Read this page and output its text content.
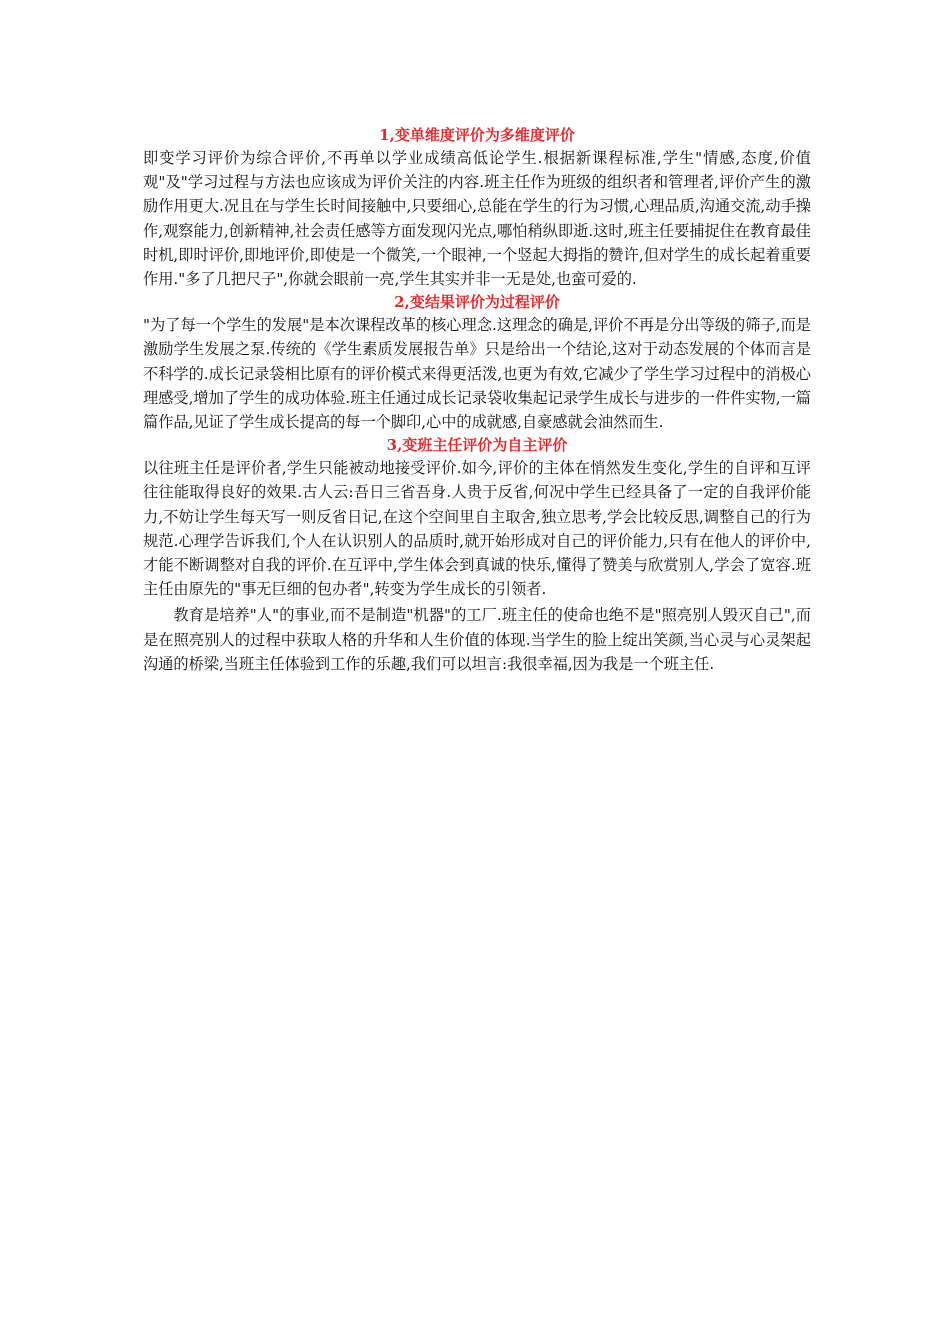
1,变单维度评价为多维度评价

即变学习评价为综合评价,不再单以学业成绩高低论学生.根据新课程标准,学生"情感,态度,价值观"及"学习过程与方法也应该成为评价关注的内容.班主任作为班级的组织者和管理者,评价产生的激励作用更大.况且在与学生长时间接触中,只要细心,总能在学生的行为习惯,心理品质,沟通交流,动手操作,观察能力,创新精神,社会责任感等方面发现闪光点,哪怕稍纵即逝.这时,班主任要捕捉住在教育最佳时机,即时评价,即地评价,即使是一个微笑,一个眼神,一个竖起大拇指的赞许,但对学生的成长起着重要作用."多了几把尺子",你就会眼前一亮,学生其实并非一无是处,也蛮可爱的.

2,变结果评价为过程评价

"为了每一个学生的发展"是本次课程改革的核心理念.这理念的确是,评价不再是分出等级的筛子,而是激励学生发展之泵.传统的《学生素质发展报告单》只是给出一个结论,这对于动态发展的个体而言是不科学的.成长记录袋相比原有的评价模式来得更活泼,也更为有效,它减少了学生学习过程中的消极心理感受,增加了学生的成功体验.班主任通过成长记录袋收集起记录学生成长与进步的一件件实物,一篇篇作品,见证了学生成长提高的每一个脚印,心中的成就感,自豪感就会油然而生.

3,变班主任评价为自主评价

以往班主任是评价者,学生只能被动地接受评价.如今,评价的主体在悄然发生变化,学生的自评和互评往往能取得良好的效果.古人云:吾日三省吾身.人贵于反省,何况中学生已经具备了一定的自我评价能力,不妨让学生每天写一则反省日记,在这个空间里自主取舍,独立思考,学会比较反思,调整自己的行为规范.心理学告诉我们,个人在认识别人的品质时,就开始形成对自己的评价能力,只有在他人的评价中,才能不断调整对自我的评价.在互评中,学生体会到真诚的快乐,懂得了赞美与欣赏别人,学会了宽容.班主任由原先的"事无巨细的包办者",转变为学生成长的引领者.

教育是培养"人"的事业,而不是制造"机器"的工厂.班主任的使命也绝不是"照亮别人毁灭自己",而是在照亮别人的过程中获取人格的升华和人生价值的体现.当学生的脸上绽出笑颜,当心灵与心灵架起沟通的桥梁,当班主任体验到工作的乐趣,我们可以坦言:我很幸福,因为我是一个班主任.
